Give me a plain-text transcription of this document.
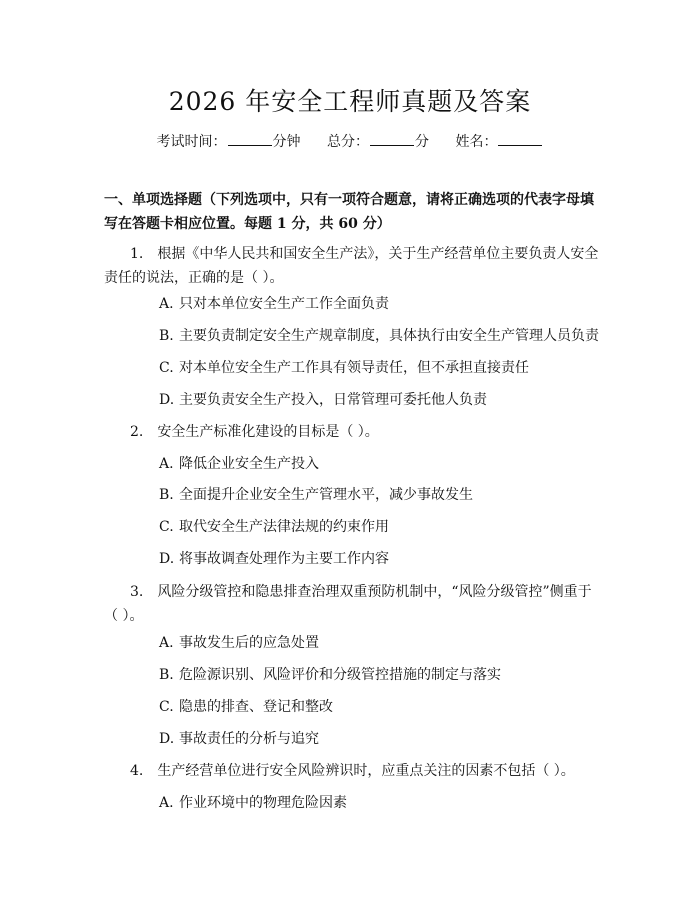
2026 年安全工程师真题及答案
考试时间：	分钟 总分：	分 姓名：
一、单项选择题（下列选项中，只有一项符合题意，请将正确选项的代表字母填写在答题卡相应位置。每题 1 分，共 60 分）
1.　根据《中华人民共和国安全生产法》，关于生产经营单位主要负责人安全责任的说法，正确的是（ ）。
A. 只对本单位安全生产工作全面负责
B. 主要负责制定安全生产规章制度，具体执行由安全生产管理人员负责
C. 对本单位安全生产工作具有领导责任，但不承担直接责任
D. 主要负责安全生产投入，日常管理可委托他人负责
2.　安全生产标准化建设的目标是（ ）。
A. 降低企业安全生产投入
B. 全面提升企业安全生产管理水平，减少事故发生
C. 取代安全生产法律法规的约束作用
D. 将事故调查处理作为主要工作内容
3.　风险分级管控和隐患排查治理双重预防机制中，“风险分级管控”侧重于（ ）。
A. 事故发生后的应急处置
B. 危险源识别、风险评价和分级管控措施的制定与落实
C. 隐患的排查、登记和整改
D. 事故责任的分析与追究
4.　生产经营单位进行安全风险辨识时，应重点关注的因素不包括（ ）。
A. 作业环境中的物理危险因素
